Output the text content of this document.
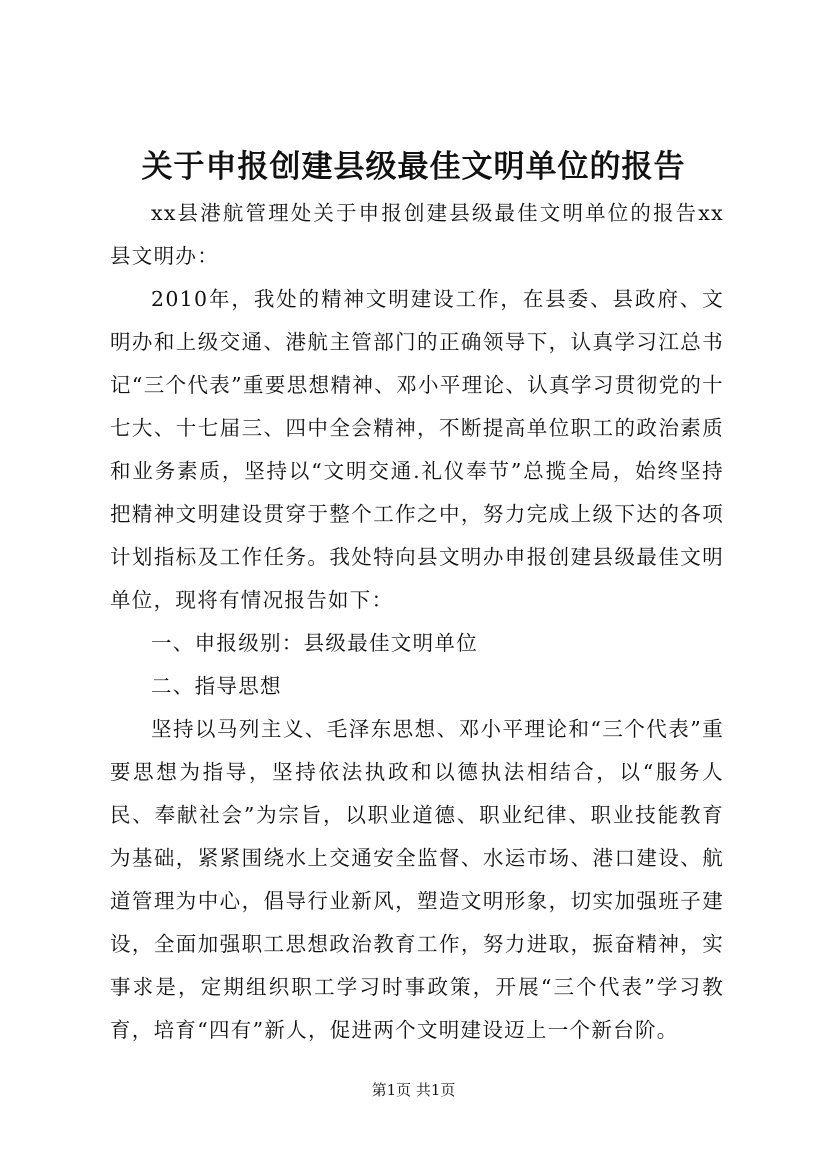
关于申报创建县级最佳文明单位的报告

xx县港航管理处关于申报创建县级最佳文明单位的报告xx县文明办：

2010年，我处的精神文明建设工作，在县委、县政府、文明办和上级交通、港航主管部门的正确领导下，认真学习江总书记“三个代表”重要思想精神、邓小平理论、认真学习贯彻党的十七大、十七届三、四中全会精神，不断提高单位职工的政治素质和业务素质，坚持以“文明交通.礼仪奉节”总揽全局，始终坚持把精神文明建设贯穿于整个工作之中，努力完成上级下达的各项计划指标及工作任务。我处特向县文明办申报创建县级最佳文明单位，现将有情况报告如下：

一、申报级别：县级最佳文明单位

二、指导思想

坚持以马列主义、毛泽东思想、邓小平理论和“三个代表”重要思想为指导，坚持依法执政和以德执法相结合，以“服务人民、奉献社会”为宗旨，以职业道德、职业纪律、职业技能教育为基础，紧紧围绕水上交通安全监督、水运市场、港口建设、航道管理为中心，倡导行业新风，塑造文明形象，切实加强班子建设，全面加强职工思想政治教育工作，努力进取，振奋精神，实事求是，定期组织职工学习时事政策，开展“三个代表”学习教育，培育“四有”新人，促进两个文明建设迈上一个新台阶。

第1页 共1页
